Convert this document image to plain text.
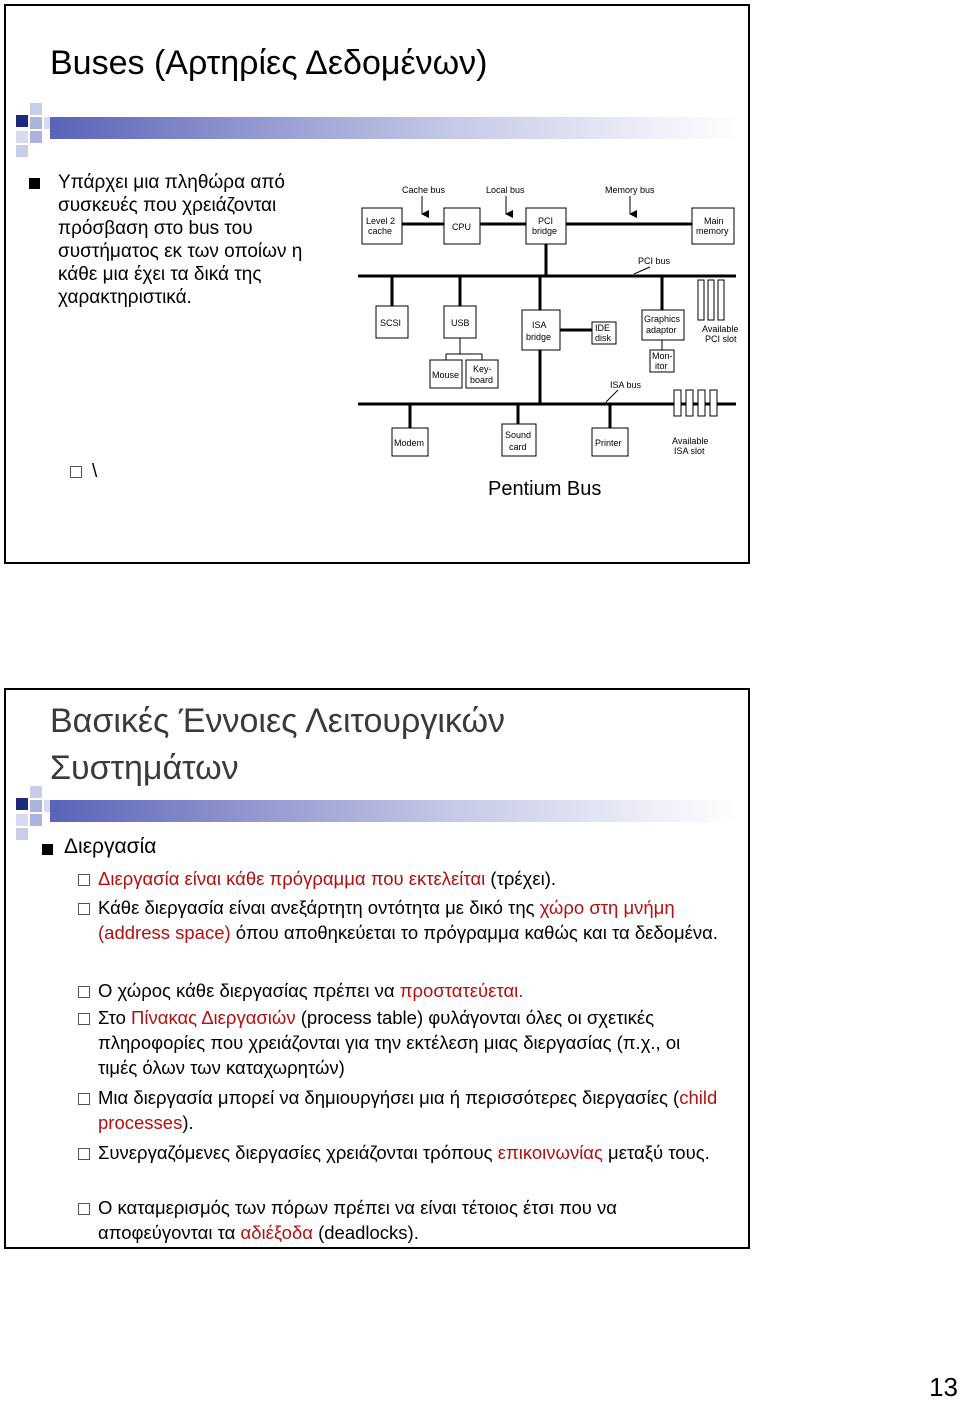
Buses (Αρτηρίες Δεδομένων)
Υπάρχει μια πληθώρα από συσκευές που χρειάζονται πρόσβαση στο bus του συστήματος εκ των οποίων η κάθε μια έχει τα δικά της χαρακτηριστικά.
Cache bus	Local bus	Memory bus
Level 2
cache	CPU
PCI
bridge
Main
memory
PCI bus
SCSI	USB	ISA
bridge
IDE
disk
Graphics
adaptor
Mon-
itor
Available
PCI slot
Mouse
Key-
board	ISA bus
Modem
Sound
card	Printer	Available
ISA slot
\
Pentium Bus
Βασικές Έννοιες Λειτουργικών
Συστημάτων
Διεργασία
Διεργασία είναι κάθε πρόγραμμα που εκτελείται (τρέχει).
Κάθε διεργασία είναι ανεξάρτητη οντότητα με δικό της χώρο στη μνήμη (address space) όπου αποθηκεύεται το πρόγραμμα καθώς και τα δεδομένα.
Ο χώρος κάθε διεργασίας πρέπει να προστατεύεται.
Στο Πίνακας Διεργασιών (process table) φυλάγονται όλες οι σχετικές πληροφορίες που χρειάζονται για την εκτέλεση μιας διεργασίας (π.χ., οι τιμές όλων των καταχωρητών)
Μια διεργασία μπορεί να δημιουργήσει μια ή περισσότερες διεργασίες (child processes).
Συνεργαζόμενες διεργασίες χρειάζονται τρόπους επικοινωνίας μεταξύ τους.
Ο καταμερισμός των πόρων πρέπει να είναι τέτοιος έτσι που να αποφεύγονται τα αδιέξοδα (deadlocks).
13
